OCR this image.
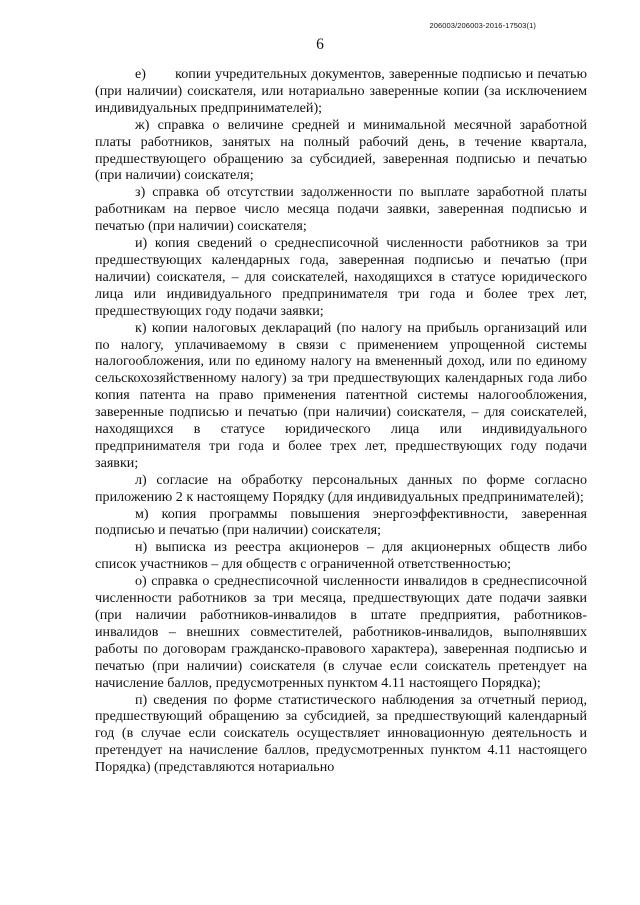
206003/206003-2016-17503(1)
6

е)       копии учредительных документов, заверенные подписью и печатью (при наличии) соискателя, или нотариально заверенные копии (за исключением индивидуальных предпринимателей);

ж) справка о величине средней и минимальной месячной заработной платы работников, занятых на полный рабочий день, в течение квартала, предшествующего обращению за субсидией, заверенная подписью и печатью (при наличии) соискателя;

з) справка об отсутствии задолженности по выплате заработной платы работникам на первое число месяца подачи заявки, заверенная подписью и печатью (при наличии) соискателя;

и) копия сведений о среднесписочной численности работников за три предшествующих календарных года, заверенная подписью и печатью (при наличии) соискателя, – для соискателей, находящихся в статусе юридического лица или индивидуального предпринимателя три года и более трех лет, предшествующих году подачи заявки;

к) копии налоговых деклараций (по налогу на прибыль организаций или по налогу, уплачиваемому в связи с применением упрощенной системы налогообложения, или по единому налогу на вмененный доход, или по единому сельскохозяйственному налогу) за три предшествующих календарных года либо копия патента на право применения патентной системы налогообложения, заверенные подписью и печатью (при наличии) соискателя, – для соискателей, находящихся в статусе юридического лица или индивидуального предпринимателя три года и более трех лет, предшествующих году подачи заявки;

л) согласие на обработку персональных данных по форме согласно приложению 2 к настоящему Порядку (для индивидуальных предпринимателей);

м) копия программы повышения энергоэффективности, заверенная подписью и печатью (при наличии) соискателя;

н) выписка из реестра акционеров – для акционерных обществ либо список участников – для обществ с ограниченной ответственностью;

о) справка о среднесписочной численности инвалидов в среднесписочной численности работников за три месяца, предшествующих дате подачи заявки (при наличии работников-инвалидов в штате предприятия, работников-инвалидов – внешних совместителей, работников-инвалидов, выполнявших работы по договорам гражданско-правового характера), заверенная подписью и печатью (при наличии) соискателя (в случае если соискатель претендует на начисление баллов, предусмотренных пунктом 4.11 настоящего Порядка);

п) сведения по форме статистического наблюдения за отчетный период, предшествующий обращению за субсидией, за предшествующий календарный год (в случае если соискатель осуществляет инновационную деятельность и претендует на начисление баллов, предусмотренных пунктом 4.11 настоящего Порядка) (представляются нотариально
